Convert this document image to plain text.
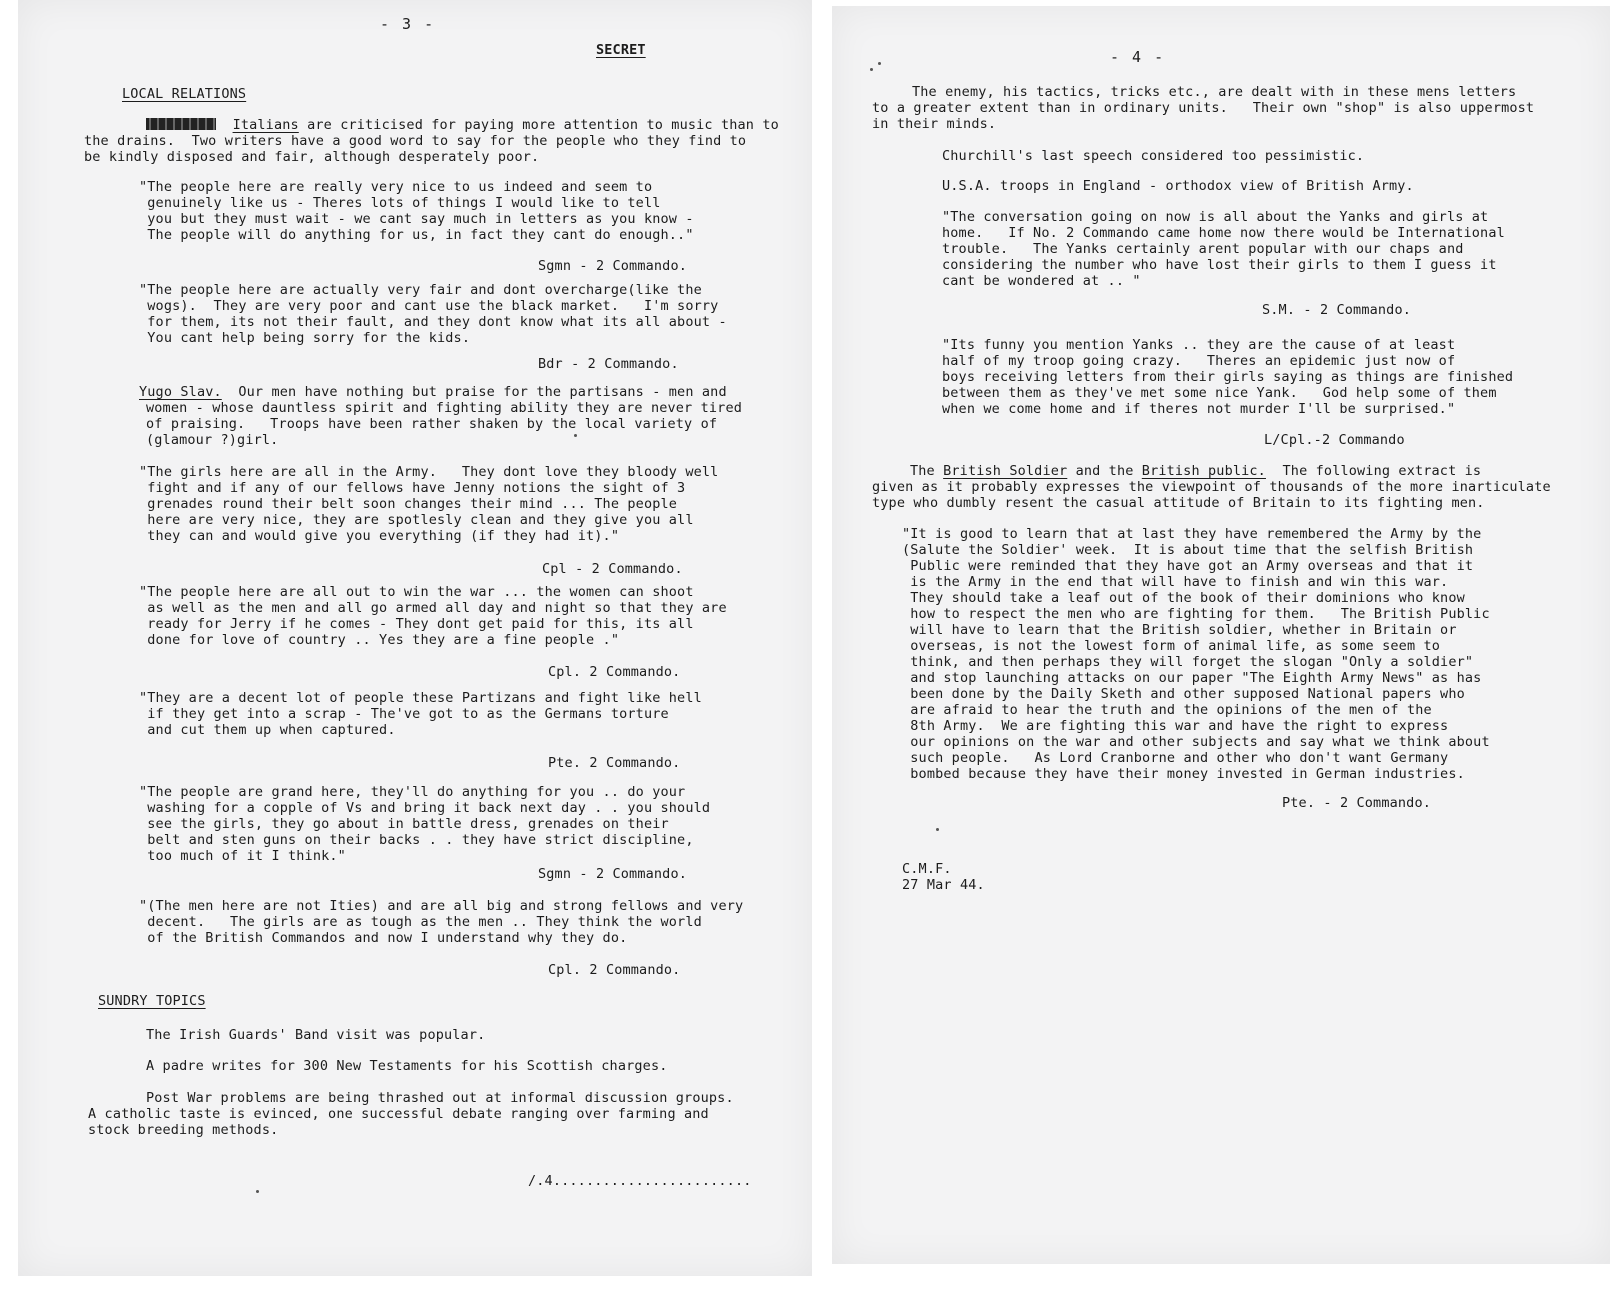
- 3 -
SECRET
LOCAL RELATIONS
Italians are criticised for paying more attention to music than to
the drains.  Two writers have a good word to say for the people who they find to
be kindly disposed and fair, although desperately poor.
"The people here are really very nice to us indeed and seem to
genuinely like us - Theres lots of things I would like to tell
you but they must wait - we cant say much in letters as you know -
The people will do anything for us, in fact they cant do enough.."
Sgmn - 2 Commando.
"The people here are actually very fair and dont overcharge(like the
wogs).  They are very poor and cant use the black market.   I'm sorry
for them, its not their fault, and they dont know what its all about -
You cant help being sorry for the kids.
Bdr - 2 Commando.
Yugo Slav. Our men have nothing but praise for the partisans - men and
women - whose dauntless spirit and fighting ability they are never tired
of praising.   Troops have been rather shaken by the local variety of
(glamour ?)girl.
"The girls here are all in the Army.   They dont love they bloody well
fight and if any of our fellows have Jenny notions the sight of 3
grenades round their belt soon changes their mind ... The people
here are very nice, they are spotlesly clean and they give you all
they can and would give you everything (if they had it)."
Cpl - 2 Commando.
"The people here are all out to win the war ... the women can shoot
as well as the men and all go armed all day and night so that they are
ready for Jerry if he comes - They dont get paid for this, its all
done for love of country .. Yes they are a fine people ."
Cpl. 2 Commando.
"They are a decent lot of people these Partizans and fight like hell
if they get into a scrap - The've got to as the Germans torture
and cut them up when captured.
Pte. 2 Commando.
"The people are grand here, they'll do anything for you .. do your
washing for a copple of Vs and bring it back next day . . you should
see the girls, they go about in battle dress, grenades on their
belt and sten guns on their backs . . they have strict discipline,
too much of it I think."
Sgmn - 2 Commando.
"(The men here are not Ities) and are all big and strong fellows and very
decent.   The girls are as tough as the men .. They think the world
of the British Commandos and now I understand why they do.
Cpl. 2 Commando.
SUNDRY TOPICS
The Irish Guards' Band visit was popular.
A padre writes for 300 New Testaments for his Scottish charges.
Post War problems are being thrashed out at informal discussion groups.
A catholic taste is evinced, one successful debate ranging over farming and
stock breeding methods.
/.4........................
- 4 -
The enemy, his tactics, tricks etc., are dealt with in these mens letters
to a greater extent than in ordinary units.   Their own "shop" is also uppermost
in their minds.
Churchill's last speech considered too pessimistic.
U.S.A. troops in England - orthodox view of British Army.
"The conversation going on now is all about the Yanks and girls at
home.   If No. 2 Commando came home now there would be International
trouble.   The Yanks certainly arent popular with our chaps and
considering the number who have lost their girls to them I guess it
cant be wondered at .. "
S.M. - 2 Commando.
"Its funny you mention Yanks .. they are the cause of at least
half of my troop going crazy.   Theres an epidemic just now of
boys receiving letters from their girls saying as things are finished
between them as they've met some nice Yank.   God help some of them
when we come home and if theres not murder I'll be surprised."
L/Cpl.-2 Commando
The British Soldier and the British public.  The following extract is
given as it probably expresses the viewpoint of thousands of the more inarticulate
type who dumbly resent the casual attitude of Britain to its fighting men.
"It is good to learn that at last they have remembered the Army by the
(Salute the Soldier' week.  It is about time that the selfish British
Public were reminded that they have got an Army overseas and that it
is the Army in the end that will have to finish and win this war.
They should take a leaf out of the book of their dominions who know
how to respect the men who are fighting for them.   The British Public
will have to learn that the British soldier, whether in Britain or
overseas, is not the lowest form of animal life, as some seem to
think, and then perhaps they will forget the slogan "Only a soldier"
and stop launching attacks on our paper "The Eighth Army News" as has
been done by the Daily Sketh and other supposed National papers who
are afraid to hear the truth and the opinions of the men of the
8th Army.  We are fighting this war and have the right to express
our opinions on the war and other subjects and say what we think about
such people.   As Lord Cranborne and other who don't want Germany
bombed because they have their money invested in German industries.
Pte. - 2 Commando.
C.M.F.
27 Mar 44.
